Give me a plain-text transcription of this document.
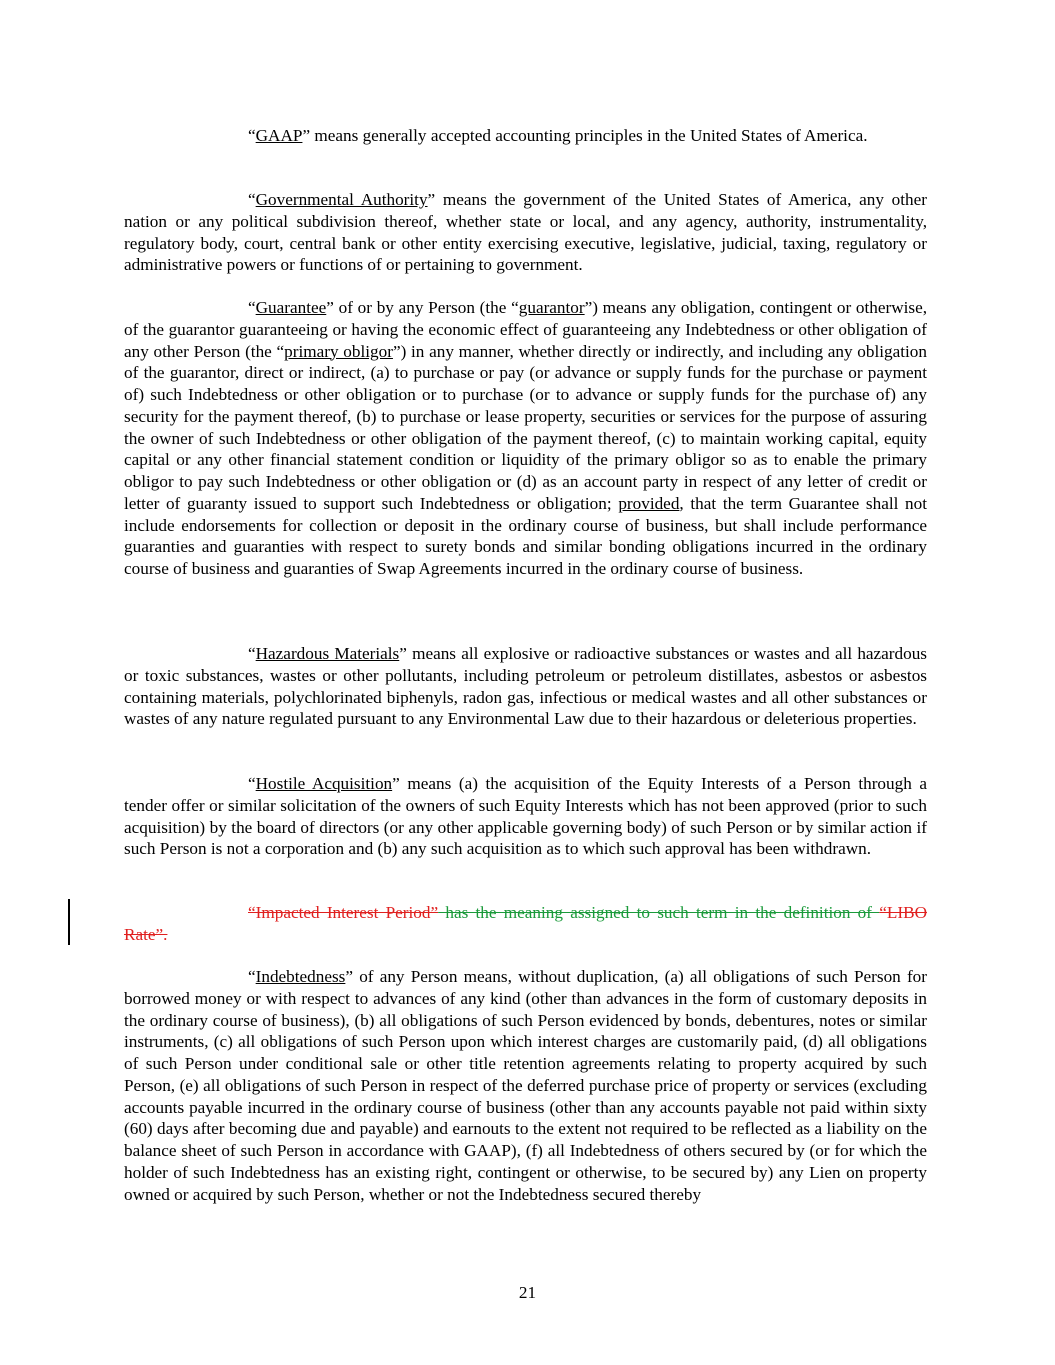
“GAAP” means generally accepted accounting principles in the United States of America.

“Governmental Authority” means the government of the United States of America, any other nation or any political subdivision thereof, whether state or local, and any agency, authority, instrumentality, regulatory body, court, central bank or other entity exercising executive, legislative, judicial, taxing, regulatory or administrative powers or functions of or pertaining to government.

“Guarantee” of or by any Person (the “guarantor”) means any obligation, contingent or otherwise, of the guarantor guaranteeing or having the economic effect of guaranteeing any Indebtedness or other obligation of any other Person (the “primary obligor”) in any manner, whether directly or indirectly, and including any obligation of the guarantor, direct or indirect, (a) to purchase or pay (or advance or supply funds for the purchase or payment of) such Indebtedness or other obligation or to purchase (or to advance or supply funds for the purchase of) any security for the payment thereof, (b) to purchase or lease property, securities or services for the purpose of assuring the owner of such Indebtedness or other obligation of the payment thereof, (c) to maintain working capital, equity capital or any other financial statement condition or liquidity of the primary obligor so as to enable the primary obligor to pay such Indebtedness or other obligation or (d) as an account party in respect of any letter of credit or letter of guaranty issued to support such Indebtedness or obligation; provided, that the term Guarantee shall not include endorsements for collection or deposit in the ordinary course of business, but shall include performance guaranties and guaranties with respect to surety bonds and similar bonding obligations incurred in the ordinary course of business and guaranties of Swap Agreements incurred in the ordinary course of business.

“Hazardous Materials” means all explosive or radioactive substances or wastes and all hazardous or toxic substances, wastes or other pollutants, including petroleum or petroleum distillates, asbestos or asbestos containing materials, polychlorinated biphenyls, radon gas, infectious or medical wastes and all other substances or wastes of any nature regulated pursuant to any Environmental Law due to their hazardous or deleterious properties.

“Hostile Acquisition” means (a) the acquisition of the Equity Interests of a Person through a tender offer or similar solicitation of the owners of such Equity Interests which has not been approved (prior to such acquisition) by the board of directors (or any other applicable governing body) of such Person or by similar action if such Person is not a corporation and (b) any such acquisition as to which such approval has been withdrawn.

“Impacted Interest Period” has the meaning assigned to such term in the definition of “LIBO Rate”.

“Indebtedness” of any Person means, without duplication, (a) all obligations of such Person for borrowed money or with respect to advances of any kind (other than advances in the form of customary deposits in the ordinary course of business), (b) all obligations of such Person evidenced by bonds, debentures, notes or similar instruments, (c) all obligations of such Person upon which interest charges are customarily paid, (d) all obligations of such Person under conditional sale or other title retention agreements relating to property acquired by such Person, (e) all obligations of such Person in respect of the deferred purchase price of property or services (excluding accounts payable incurred in the ordinary course of business (other than any accounts payable not paid within sixty (60) days after becoming due and payable) and earnouts to the extent not required to be reflected as a liability on the balance sheet of such Person in accordance with GAAP), (f) all Indebtedness of others secured by (or for which the holder of such Indebtedness has an existing right, contingent or otherwise, to be secured by) any Lien on property owned or acquired by such Person, whether or not the Indebtedness secured thereby

21
